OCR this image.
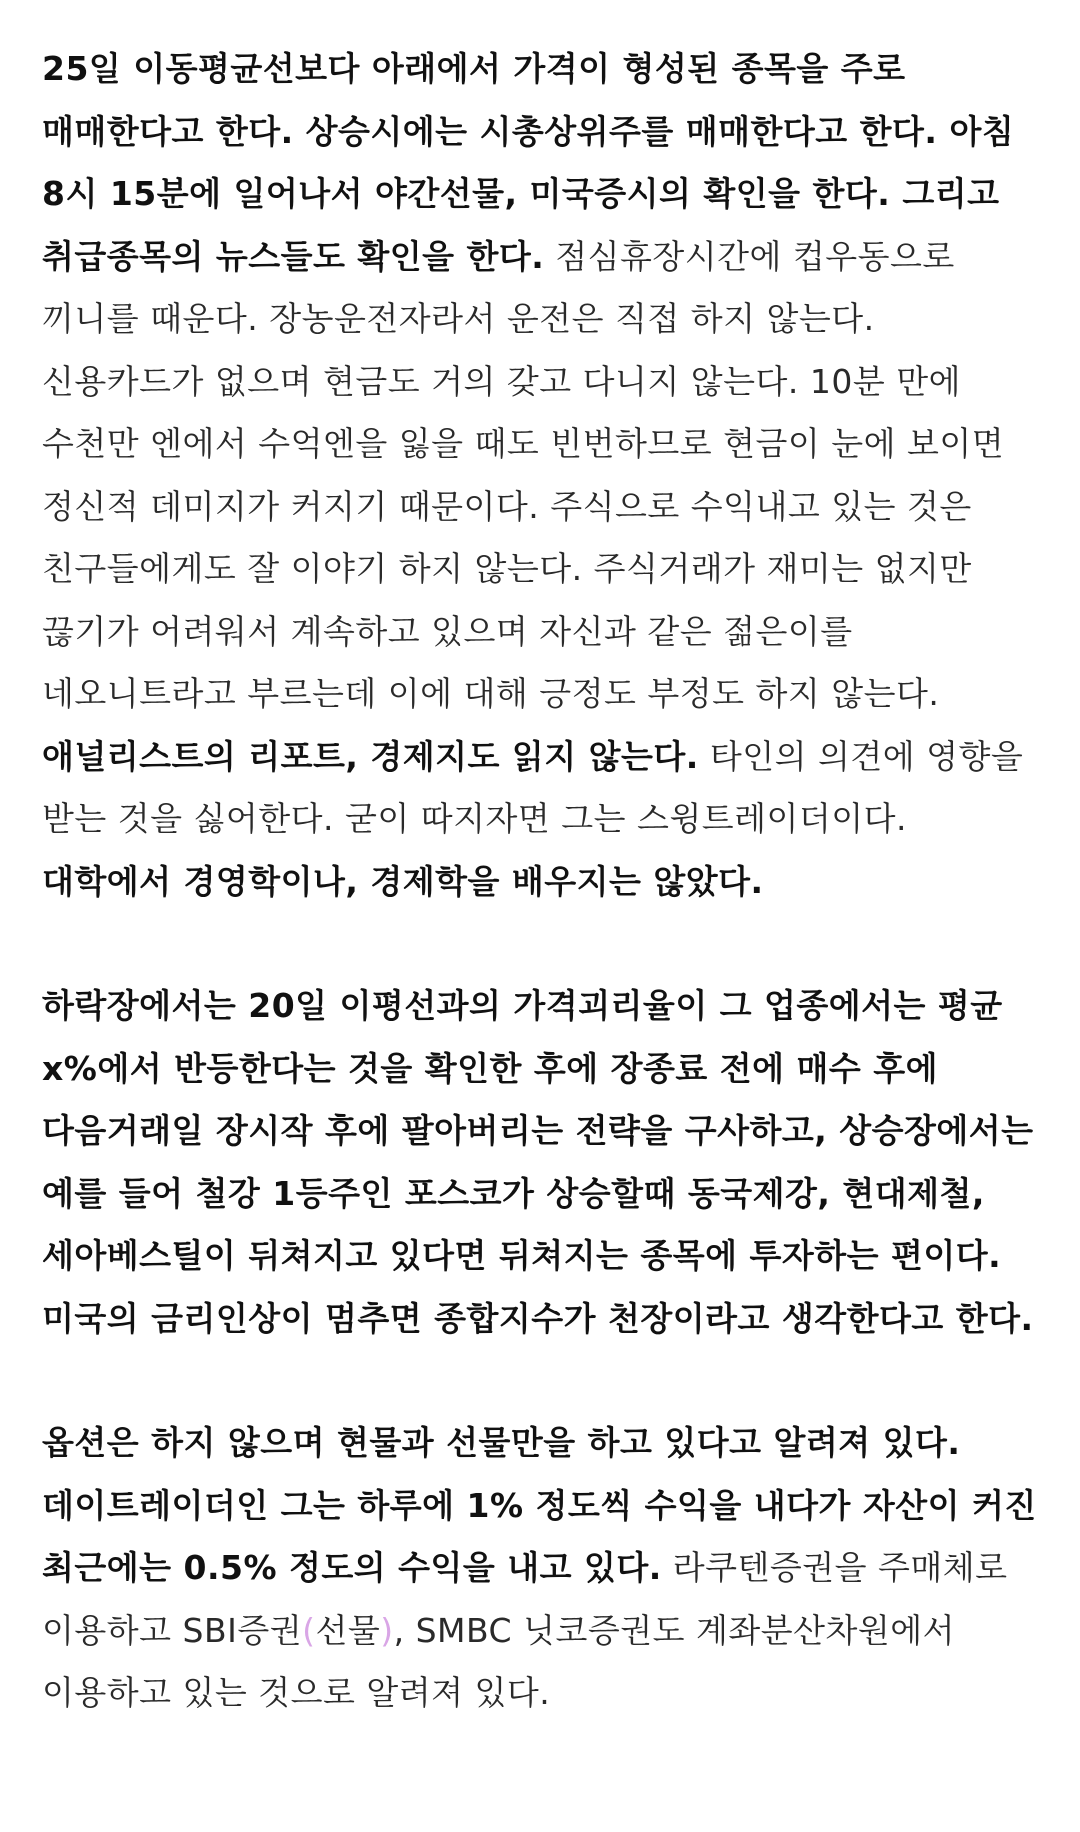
25일 이동평균선보다 아래에서 가격이 형성된 종목을 주로 매매한다고 한다. 상승시에는 시총상위주를 매매한다고 한다. 아침 8시 15분에 일어나서 야간선물, 미국증시의 확인을 한다. 그리고 취급종목의 뉴스들도 확인을 한다. 점심휴장시간에 컵우동으로 끼니를 때운다. 장농운전자라서 운전은 직접 하지 않는다. 신용카드가 없으며 현금도 거의 갖고 다니지 않는다. 10분 만에 수천만 엔에서 수억엔을 잃을 때도 빈번하므로 현금이 눈에 보이면 정신적 데미지가 커지기 때문이다. 주식으로 수익내고 있는 것은 친구들에게도 잘 이야기 하지 않는다. 주식거래가 재미는 없지만 끊기가 어려워서 계속하고 있으며 자신과 같은 젊은이를 네오니트라고 부르는데 이에 대해 긍정도 부정도 하지 않는다. 애널리스트의 리포트, 경제지도 읽지 않는다. 타인의 의견에 영향을 받는 것을 싫어한다. 굳이 따지자면 그는 스윙트레이더이다. 대학에서 경영학이나, 경제학을 배우지는 않았다.

하락장에서는 20일 이평선과의 가격괴리율이 그 업종에서는 평균 x%에서 반등한다는 것을 확인한 후에 장종료 전에 매수 후에 다음거래일 장시작 후에 팔아버리는 전략을 구사하고, 상승장에서는 예를 들어 철강 1등주인 포스코가 상승할때 동국제강, 현대제철, 세아베스틸이 뒤쳐지고 있다면 뒤쳐지는 종목에 투자하는 편이다. 미국의 금리인상이 멈추면 종합지수가 천장이라고 생각한다고 한다.

옵션은 하지 않으며 현물과 선물만을 하고 있다고 알려져 있다. 데이트레이더인 그는 하루에 1% 정도씩 수익을 내다가 자산이 커진 최근에는 0.5% 정도의 수익을 내고 있다. 라쿠텐증권을 주매체로 이용하고 SBI증권(선물), SMBC 닛코증권도 계좌분산차원에서 이용하고 있는 것으로 알려져 있다.
